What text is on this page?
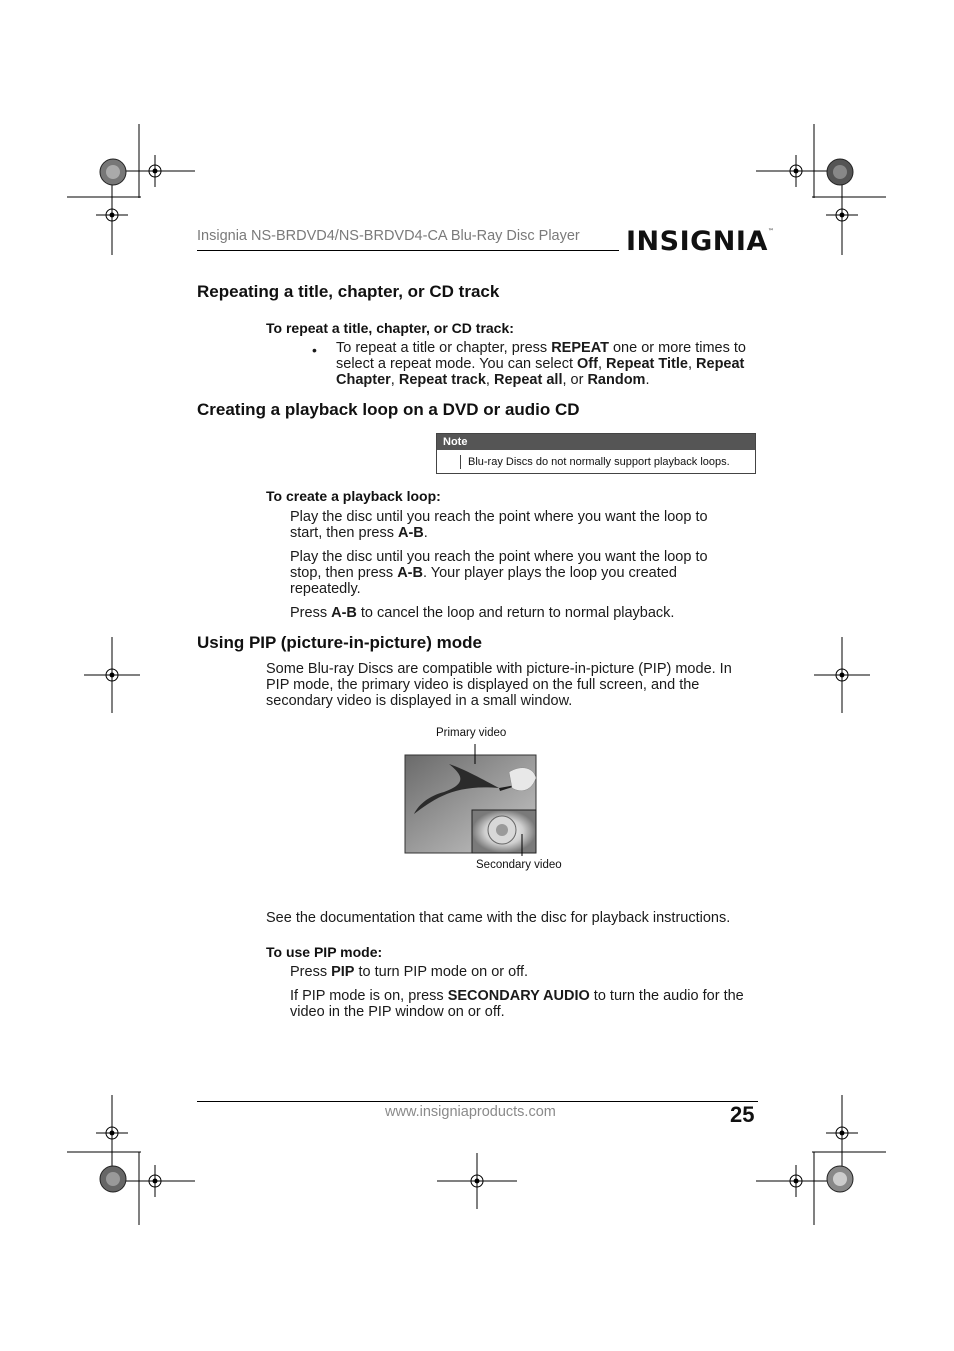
Insignia NS-BRDVD4/NS-BRDVD4-CA Blu-Ray Disc Player INSIGNIA™
Repeating a title, chapter, or CD track
To repeat a title, chapter, or CD track:
• To repeat a title or chapter, press REPEAT one or more times to select a repeat mode. You can select Off, Repeat Title, Repeat Chapter, Repeat track, Repeat all, or Random.

Creating a playback loop on a DVD or audio CD
Note
Blu-ray Discs do not normally support playback loops.
To create a playback loop:

Play the disc until you reach the point where you want the loop to start, then press A-B.

Play the disc until you reach the point where you want the loop to stop, then press A-B. Your player plays the loop you created repeatedly.

Press A-B to cancel the loop and return to normal playback.

Using PIP (picture-in-picture) mode
Some Blu-ray Discs are compatible with picture-in-picture (PIP) mode. In PIP mode, the primary video is displayed on the full screen, and the secondary video is displayed in a small window.
Primary video
Secondary video
See the documentation that came with the disc for playback instructions.
To use PIP mode:

Press PIP to turn PIP mode on or off.

If PIP mode is on, press SECONDARY AUDIO to turn the audio for the video in the PIP window on or off.

www.insigniaproducts.com	25
